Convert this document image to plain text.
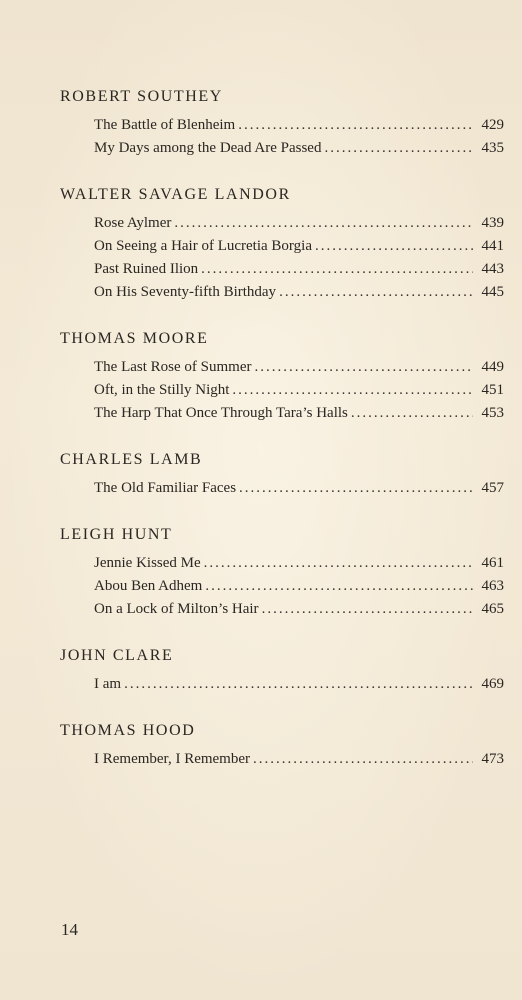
ROBERT SOUTHEY
The Battle of Blenheim .....	429
My Days among the Dead Are Passed .....	435
WALTER SAVAGE LANDOR
Rose Aylmer .....	439
On Seeing a Hair of Lucretia Borgia .....	441
Past Ruined Ilion .....	443
On His Seventy-fifth Birthday .....	445
THOMAS MOORE
The Last Rose of Summer .....	449
Oft, in the Stilly Night .....	451
The Harp That Once Through Tara’s Halls .....	453
CHARLES LAMB
The Old Familiar Faces .....	457
LEIGH HUNT
Jennie Kissed Me .....	461
Abou Ben Adhem .....	463
On a Lock of Milton’s Hair .....	465
JOHN CLARE
I am .....	469
THOMAS HOOD
I Remember, I Remember .....	473
14
